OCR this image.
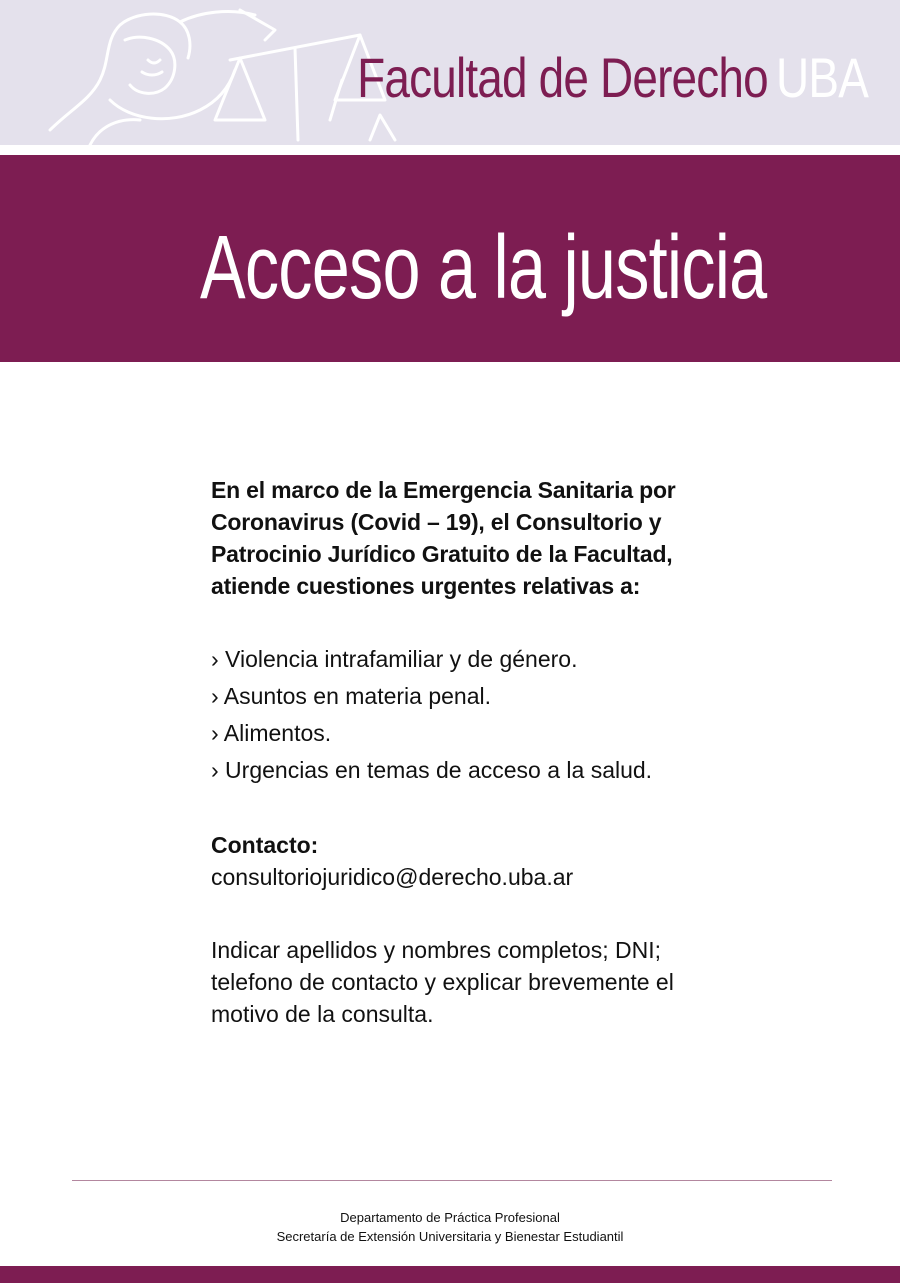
Facultad de Derecho UBA
Acceso a la justicia

En el marco de la Emergencia Sanitaria por
Coronavirus (Covid – 19), el Consultorio y
Patrocinio Jurídico Gratuito de la Facultad,
atiende cuestiones urgentes relativas a:

› Violencia intrafamiliar y de género.
› Asuntos en materia penal.
› Alimentos.
› Urgencias en temas de acceso a la salud.

Contacto:

consultoriojuridico@derecho.uba.ar

Indicar apellidos y nombres completos; DNI;
telefono de contacto y explicar brevemente el
motivo de la consulta.

Departamento de Práctica Profesional
Secretaría de Extensión Universitaria y Bienestar Estudiantil
